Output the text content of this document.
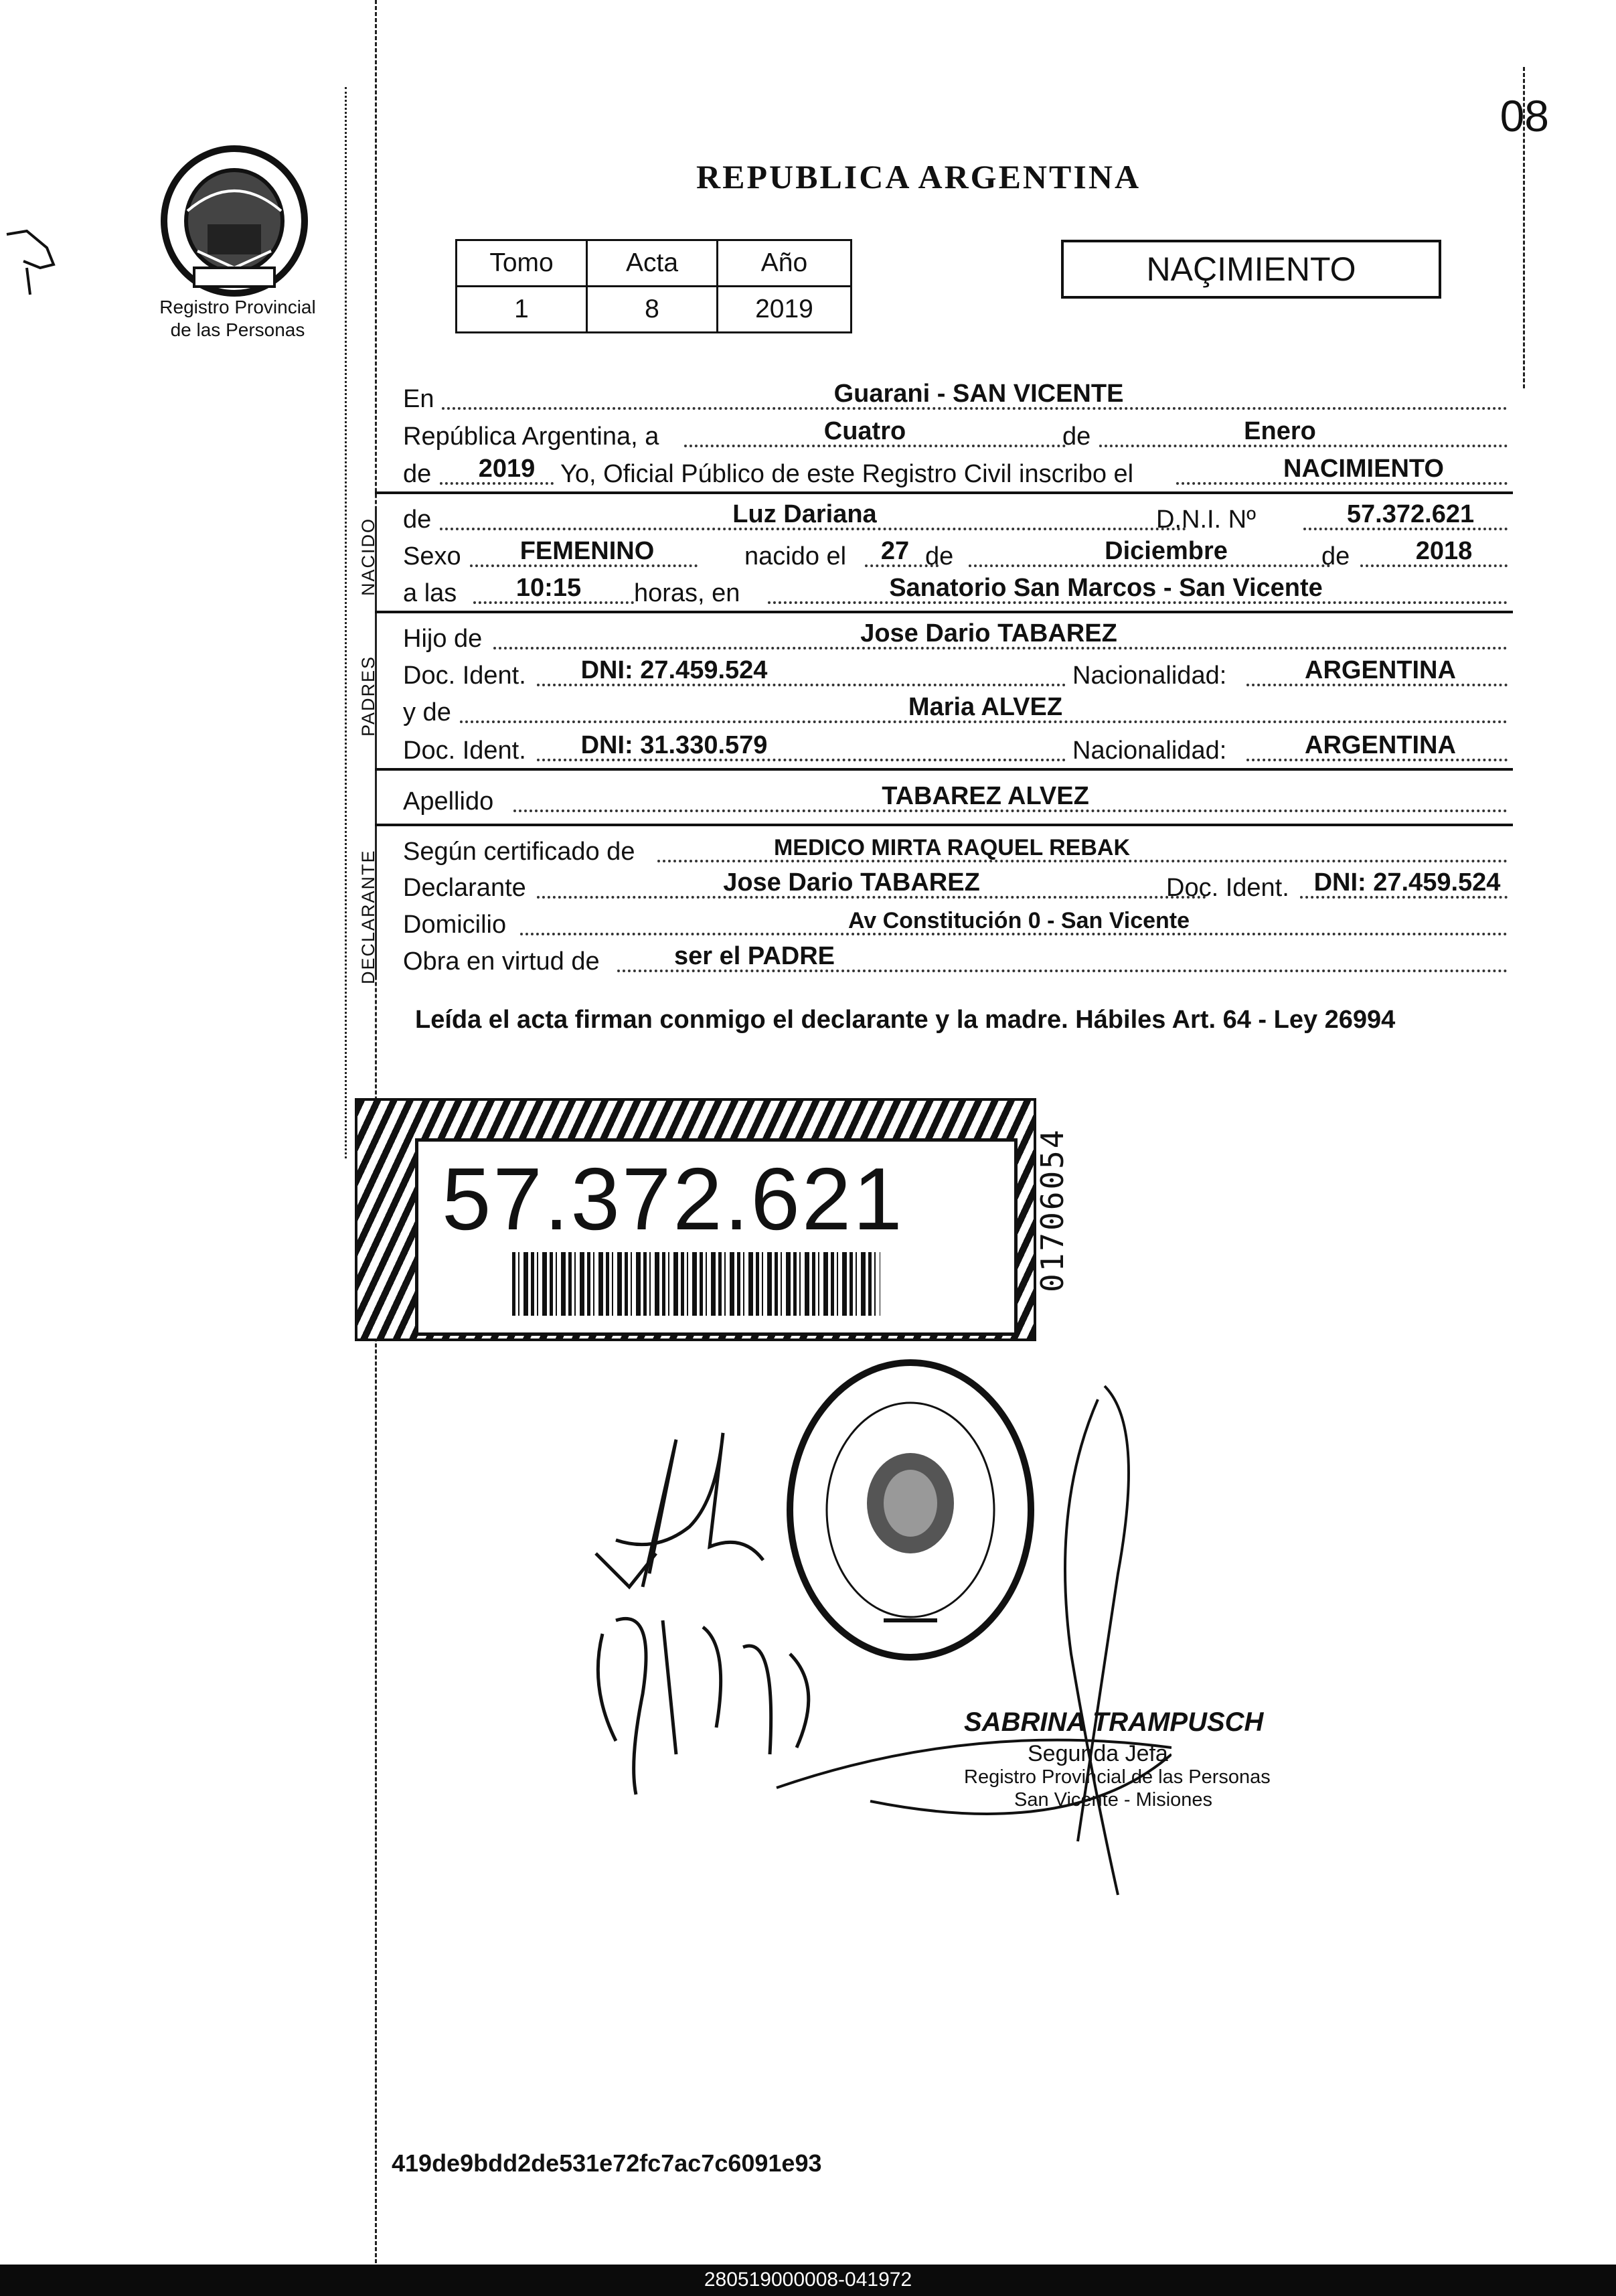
08
REPUBLICA ARGENTINA
Registro Provincial
de las Personas
Tomo	Acta	Año
1	8	2019
NAÇIMIENTO
En	Guarani - SAN VICENTE
República Argentina, a	Cuatro	de	Enero
de	2019 Yo, Oficial Público de este Registro Civil inscribo el	NACIMIENTO
de	Luz Dariana	D.N.I. Nº	57.372.621
Sexo	FEMENINO	nacido el	27 de	Diciembre	de	2018
a las	10:15	horas, en	Sanatorio San Marcos - San Vicente
Hijo de	Jose Dario TABAREZ
Doc. Ident.	DNI: 27.459.524	Nacionalidad:	ARGENTINA
y de	Maria ALVEZ
Doc. Ident.	DNI: 31.330.579	Nacionalidad:	ARGENTINA
Apellido	TABAREZ ALVEZ
Según certificado de	MEDICO MIRTA RAQUEL REBAK
Declarante	Jose Dario TABAREZ	Doc. Ident. DNI: 27.459.524
Domicilio	Av Constitución 0 - San Vicente
Obra en virtud de	ser el PADRE
NACIDO
PADRES
DECLARANTE
Leída el acta firman conmigo el declarante y la madre. Hábiles Art. 64 - Ley 26994
57.372.621	01706054
SABRINA TRAMPUSCH
Segunda Jefa
Registro Provincial de las Personas
San Vicente - Misiones
419de9bdd2de531e72fc7ac7c6091e93
280519000008-041972
